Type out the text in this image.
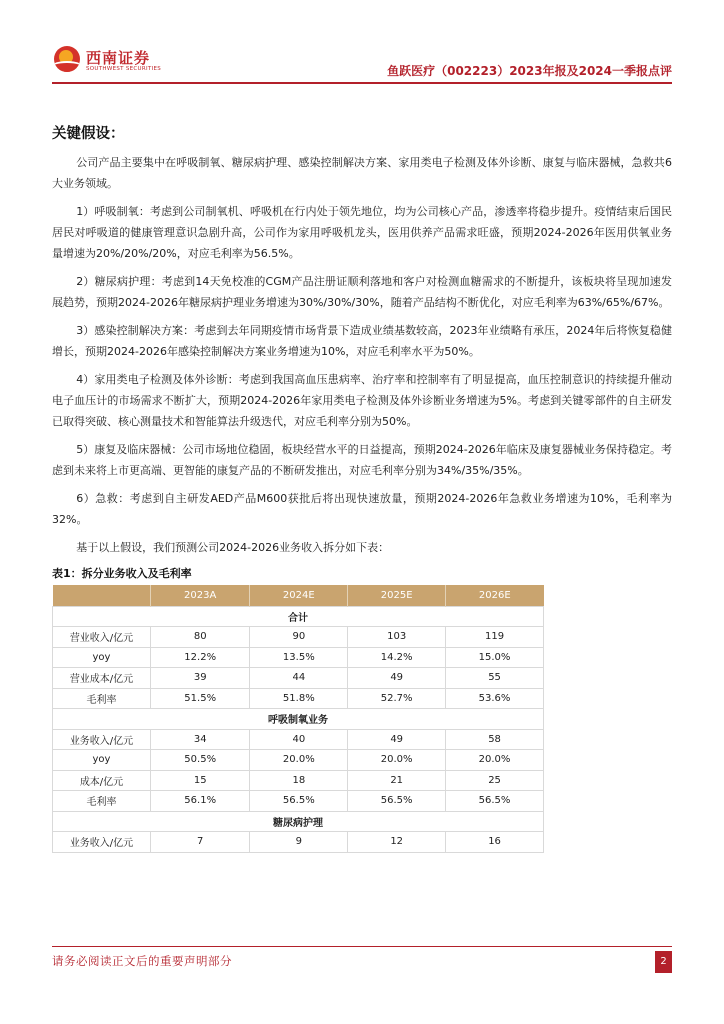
西南证券
SOUTHWEST SECURITIES	鱼跃医疗（002223）2023年报及2024一季报点评
关键假设：

公司产品主要集中在呼吸制氧、糖尿病护理、感染控制解决方案、家用类电子检测及体外诊断、康复与临床器械，急救共6大业务领域。

1）呼吸制氧：考虑到公司制氧机、呼吸机在行内处于领先地位，均为公司核心产品，渗透率将稳步提升。疫情结束后国民居民对呼吸道的健康管理意识急剧升高，公司作为家用呼吸机龙头，医用供养产品需求旺盛，预期2024-2026年医用供氧业务量增速为20%/20%/20%，对应毛利率为56.5%。

2）糖尿病护理：考虑到14天免校准的CGM产品注册证顺利落地和客户对检测血糖需求的不断提升，该板块将呈现加速发展趋势，预期2024-2026年糖尿病护理业务增速为30%/30%/30%，随着产品结构不断优化，对应毛利率为63%/65%/67%。

3）感染控制解决方案：考虑到去年同期疫情市场背景下造成业绩基数较高，2023年业绩略有承压，2024年后将恢复稳健增长，预期2024-2026年感染控制解决方案业务增速为10%，对应毛利率水平为50%。

4）家用类电子检测及体外诊断：考虑到我国高血压患病率、治疗率和控制率有了明显提高，血压控制意识的持续提升催动电子血压计的市场需求不断扩大，预期2024-2026年家用类电子检测及体外诊断业务增速为5%。考虑到关键零部件的自主研发已取得突破、核心测量技术和智能算法升级迭代，对应毛利率分别为50%。

5）康复及临床器械：公司市场地位稳固，板块经营水平的日益提高，预期2024-2026年临床及康复器械业务保持稳定。考虑到未来将上市更高端、更智能的康复产品的不断研发推出，对应毛利率分别为34%/35%/35%。

6）急救：考虑到自主研发AED产品M600获批后将出现快速放量，预期2024-2026年急救业务增速为10%，毛利率为32%。

基于以上假设，我们预测公司2024-2026业务收入拆分如下表：

表1：拆分业务收入及毛利率
	2023A	2024E	2025E	2026E
合计				
营业收入/亿元	80	90	103	119
yoy	12.2%	13.5%	14.2%	15.0%
营业成本/亿元	39	44	49	55
毛利率	51.5%	51.8%	52.7%	53.6%
呼吸制氧业务				
业务收入/亿元	34	40	49	58
yoy	50.5%	20.0%	20.0%	20.0%
成本/亿元	15	18	21	25
毛利率	56.1%	56.5%	56.5%	56.5%
糖尿病护理				
业务收入/亿元	7	9	12	16
请务必阅读正文后的重要声明部分	2
